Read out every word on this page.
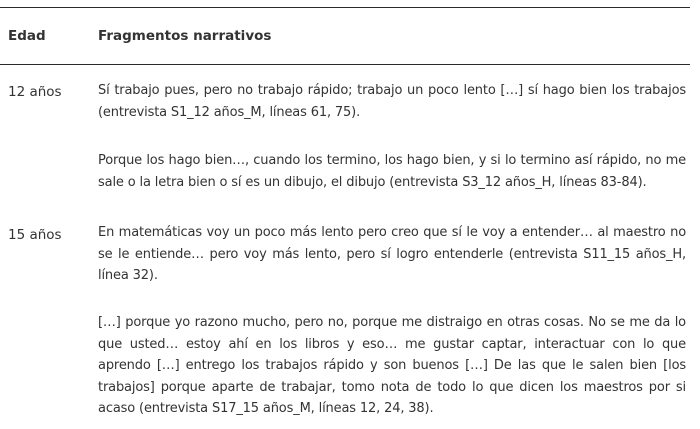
Edad	Fragmentos narrativos
12 años	Sí trabajo pues, pero no trabajo rápido; trabajo un poco lento […] sí hago bien los trabajos (entrevista S1_12 años_M, líneas 61, 75).

Porque los hago bien…, cuando los termino, los hago bien, y si lo termino así rápido, no me sale o la letra bien o sí es un dibujo, el dibujo (entrevista S3_12 años_H, líneas 83-84).

15 años	En matemáticas voy un poco más lento pero creo que sí le voy a entender… al maestro no se le entiende… pero voy más lento, pero sí logro entenderle (entrevista S11_15 años_H, línea 32).

[…] porque yo razono mucho, pero no, porque me distraigo en otras cosas. No se me da lo que usted… estoy ahí en los libros y eso… me gustar captar, interactuar con lo que aprendo […] entrego los trabajos rápido y son buenos […] De las que le salen bien [los trabajos] porque aparte de trabajar, tomo nota de todo lo que dicen los maestros por si acaso (entrevista S17_15 años_M, líneas 12, 24, 38).
